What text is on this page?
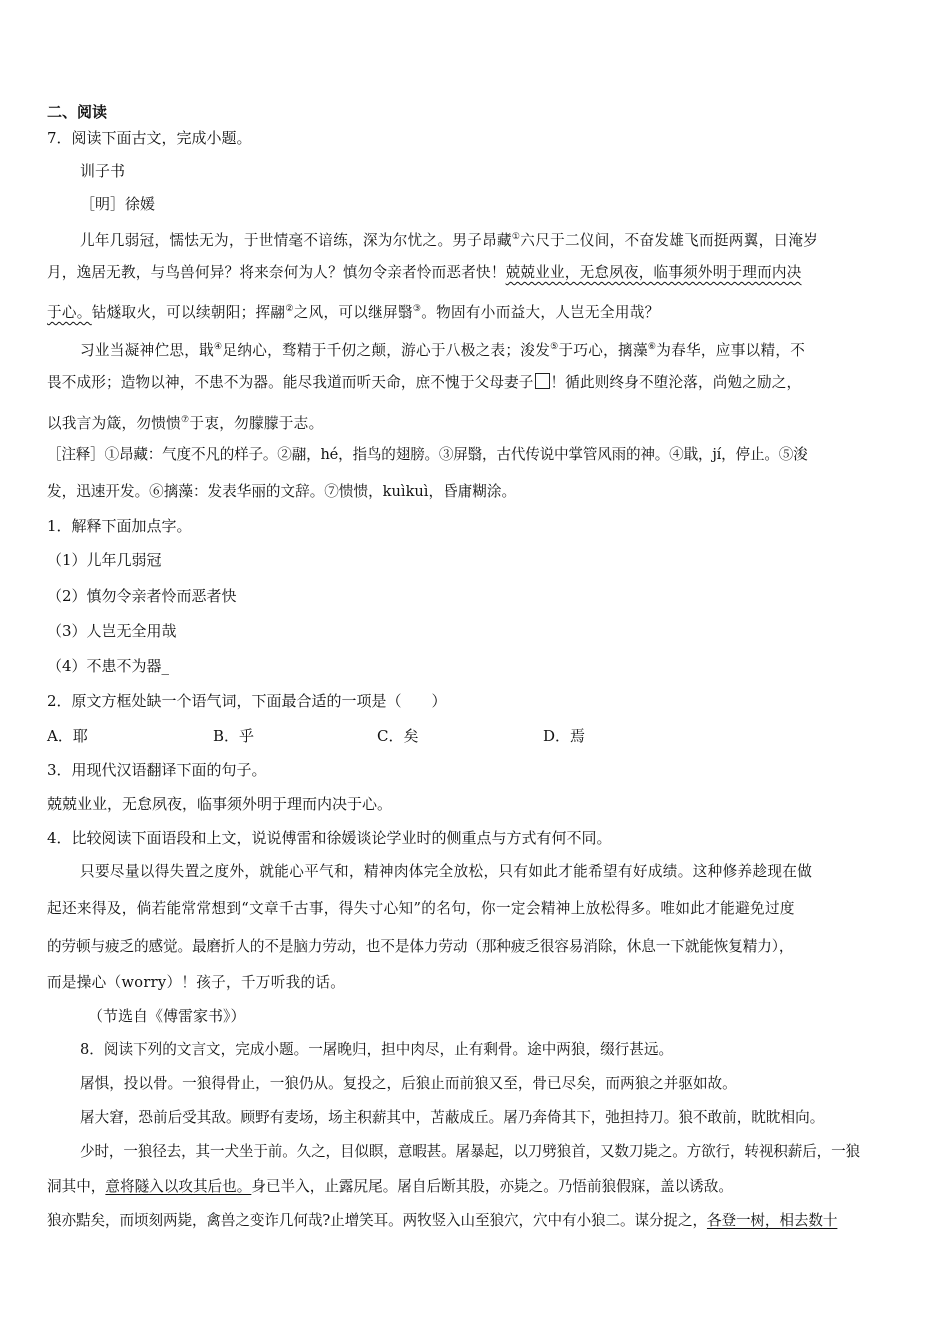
二、阅读
7．阅读下面古文，完成小题。
训子书
［明］徐媛
儿年几弱冠，懦怯无为，于世情毫不谙练，深为尔忧之。男子昂藏①六尺于二仪间，不奋发雄飞而挺两翼，日淹岁
月，逸居无教，与鸟兽何异？将来奈何为人？慎勿令亲者怜而恶者快！兢兢业业，无怠夙夜，临事须外明于理而内决
于心。钻燧取火，可以续朝阳；挥翮②之风，可以继屏翳③。物固有小而益大，人岂无全用哉？
习业当凝神伫思，戢④足纳心，骛精于千仞之颠，游心于八极之表；浚发⑤于巧心，摛藻⑥为春华，应事以精，不
畏不成形；造物以神，不患不为器。能尽我道而听天命，庶不愧于父母妻子 ！循此则终身不堕沦落，尚勉之励之，
以我言为箴，勿愦愦⑦于衷，勿朦朦于志。
［注释］①昂藏：气度不凡的样子。②翮，hé，指鸟的翅膀。③屏翳，古代传说中掌管风雨的神。④戢，jí，停止。⑤浚
发，迅速开发。⑥摛藻：发表华丽的文辞。⑦愦愦，kuìkuì，昏庸糊涂。
1．解释下面加点字。
（1）儿年几弱冠
（2）慎勿令亲者怜而恶者快
（3）人岂无全用哉
（4）不患不为器_
2．原文方框处缺一个语气词，下面最合适的一项是（　　）
A．耶	B．乎	C．矣	D．焉
3．用现代汉语翻译下面的句子。
兢兢业业，无怠夙夜，临事须外明于理而内决于心。
4．比较阅读下面语段和上文，说说傅雷和徐媛谈论学业时的侧重点与方式有何不同。
只要尽量以得失置之度外，就能心平气和，精神肉体完全放松，只有如此才能希望有好成绩。这种修养趁现在做
起还来得及，倘若能常常想到“文章千古事，得失寸心知”的名句，你一定会精神上放松得多。唯如此才能避免过度
的劳顿与疲乏的感觉。最磨折人的不是脑力劳动，也不是体力劳动（那种疲乏很容易消除，休息一下就能恢复精力），
而是操心（worry）！孩子，千万听我的话。
（节选自《傅雷家书》）
8．阅读下列的文言文，完成小题。一屠晚归，担中肉尽，止有剩骨。途中两狼，缀行甚远。
屠惧，投以骨。一狼得骨止，一狼仍从。复投之，后狼止而前狼又至，骨已尽矣，而两狼之并驱如故。
屠大窘，恐前后受其敌。顾野有麦场，场主积薪其中，苫蔽成丘。屠乃奔倚其下，弛担持刀。狼不敢前，眈眈相向。
少时，一狼径去，其一犬坐于前。久之，目似瞑，意暇甚。屠暴起，以刀劈狼首，又数刀毙之。方欲行，转视积薪后，一狼
洞其中，意将隧入以攻其后也。身已半入，止露尻尾。屠自后断其股，亦毙之。乃悟前狼假寐，盖以诱敌。
狼亦黠矣，而顷刻两毙，禽兽之变诈几何哉?止增笑耳。两牧竖入山至狼穴，穴中有小狼二。谋分捉之，各登一树，相去数十
